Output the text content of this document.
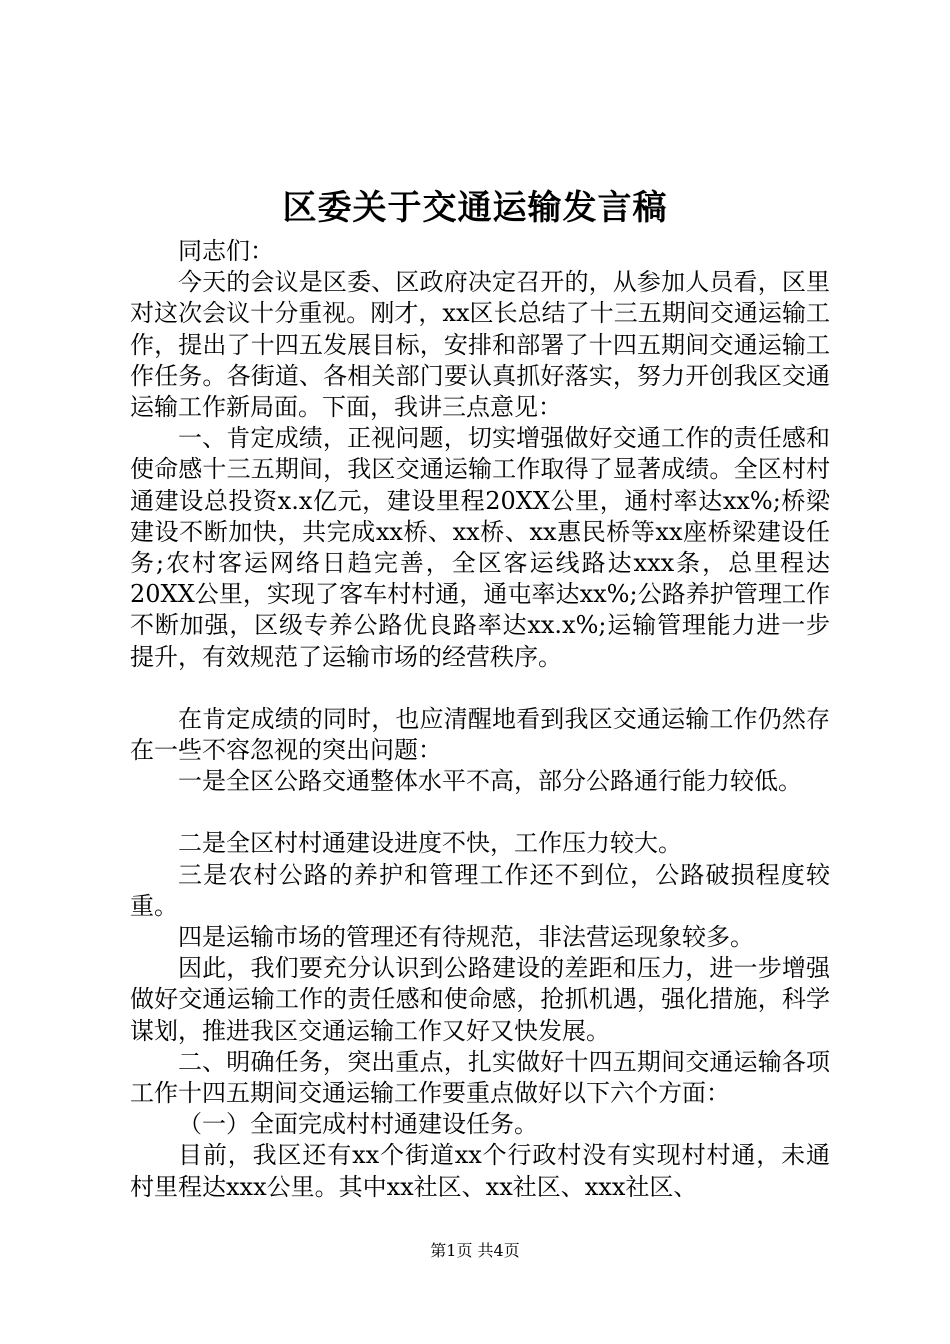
区委关于交通运输发言稿

同志们：

今天的会议是区委、区政府决定召开的，从参加人员看，区里对这次会议十分重视。刚才，xx区长总结了十三五期间交通运输工作，提出了十四五发展目标，安排和部署了十四五期间交通运输工作任务。各街道、各相关部门要认真抓好落实，努力开创我区交通运输工作新局面。下面，我讲三点意见：

一、肯定成绩，正视问题，切实增强做好交通工作的责任感和使命感十三五期间，我区交通运输工作取得了显著成绩。全区村村通建设总投资x.x亿元，建设里程20XX公里，通村率达xx%;桥梁建设不断加快，共完成xx桥、xx桥、xx惠民桥等xx座桥梁建设任务;农村客运网络日趋完善，全区客运线路达xxx条，总里程达20XX公里，实现了客车村村通，通屯率达xx%;公路养护管理工作不断加强，区级专养公路优良路率达xx.x%;运输管理能力进一步提升，有效规范了运输市场的经营秩序。

在肯定成绩的同时，也应清醒地看到我区交通运输工作仍然存在一些不容忽视的突出问题：

一是全区公路交通整体水平不高，部分公路通行能力较低。

二是全区村村通建设进度不快，工作压力较大。

三是农村公路的养护和管理工作还不到位，公路破损程度较重。

四是运输市场的管理还有待规范，非法营运现象较多。

因此，我们要充分认识到公路建设的差距和压力，进一步增强做好交通运输工作的责任感和使命感，抢抓机遇，强化措施，科学谋划，推进我区交通运输工作又好又快发展。

二、明确任务，突出重点，扎实做好十四五期间交通运输各项工作十四五期间交通运输工作要重点做好以下六个方面：

（一）全面完成村村通建设任务。

目前，我区还有xx个街道xx个行政村没有实现村村通，未通村里程达xxx公里。其中xx社区、xx社区、xxx社区、

第1页 共4页
